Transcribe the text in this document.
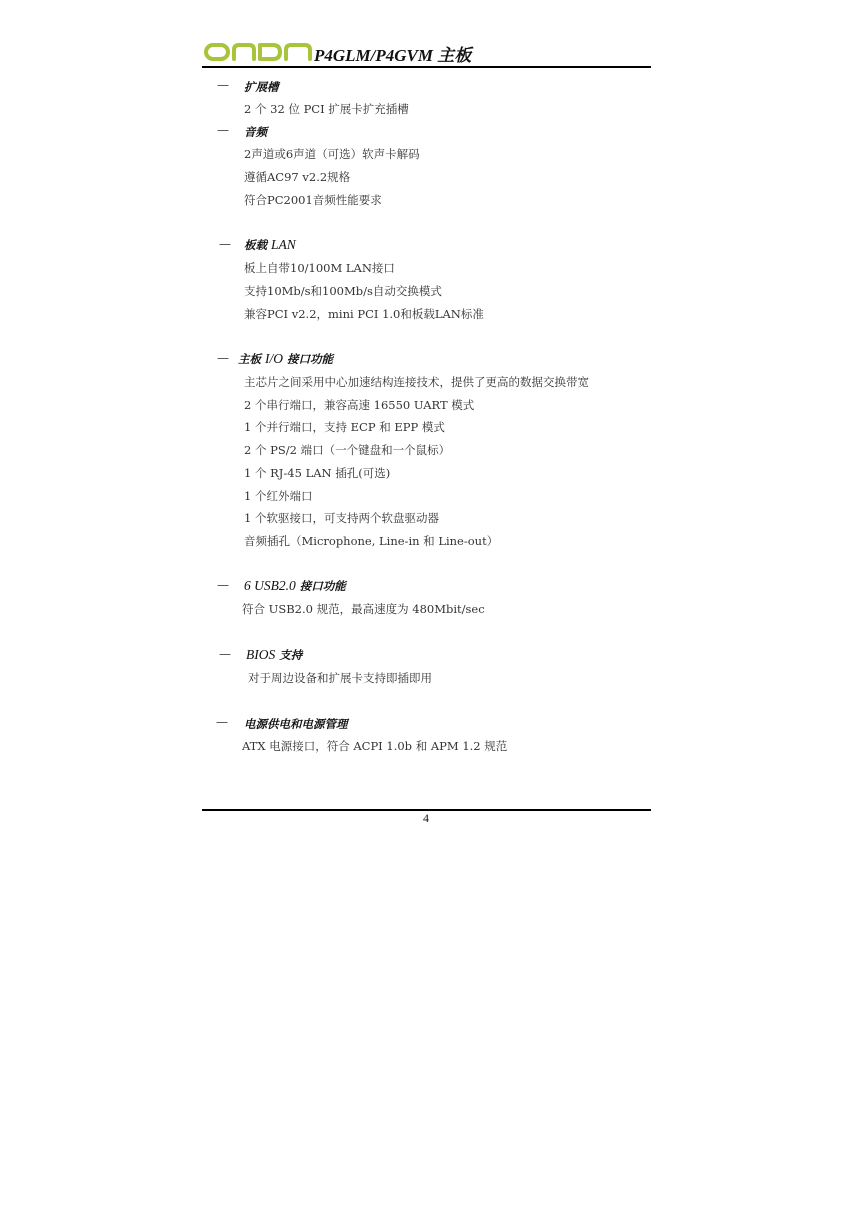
P4GLM/P4GVM 主板
— 扩展槽
2 个 32 位 PCI 扩展卡扩充插槽
— 音频
2声道或6声道（可选）软声卡解码
遵循AC97 v2.2规格
符合PC2001音频性能要求
— 板载 LAN
板上自带10/100M LAN接口
支持10Mb/s和100Mb/s自动交换模式
兼容PCI v2.2，mini PCI 1.0和板载LAN标准
— 主板 I/O 接口功能
主芯片之间采用中心加速结构连接技术，提供了更高的数据交换带宽
2 个串行端口，兼容高速 16550 UART 模式
1 个并行端口，支持 ECP 和 EPP 模式
2 个 PS/2 端口（一个键盘和一个鼠标）
1 个 RJ-45 LAN 插孔(可选)
1 个红外端口
1 个软驱接口，可支持两个软盘驱动器
音频插孔（Microphone, Line-in 和 Line-out）
— 6 USB2.0 接口功能
符合 USB2.0 规范，最高速度为 480Mbit/sec
— BIOS 支持
对于周边设备和扩展卡支持即插即用
— 电源供电和电源管理
ATX 电源接口，符合 ACPI 1.0b 和 APM 1.2 规范
4
